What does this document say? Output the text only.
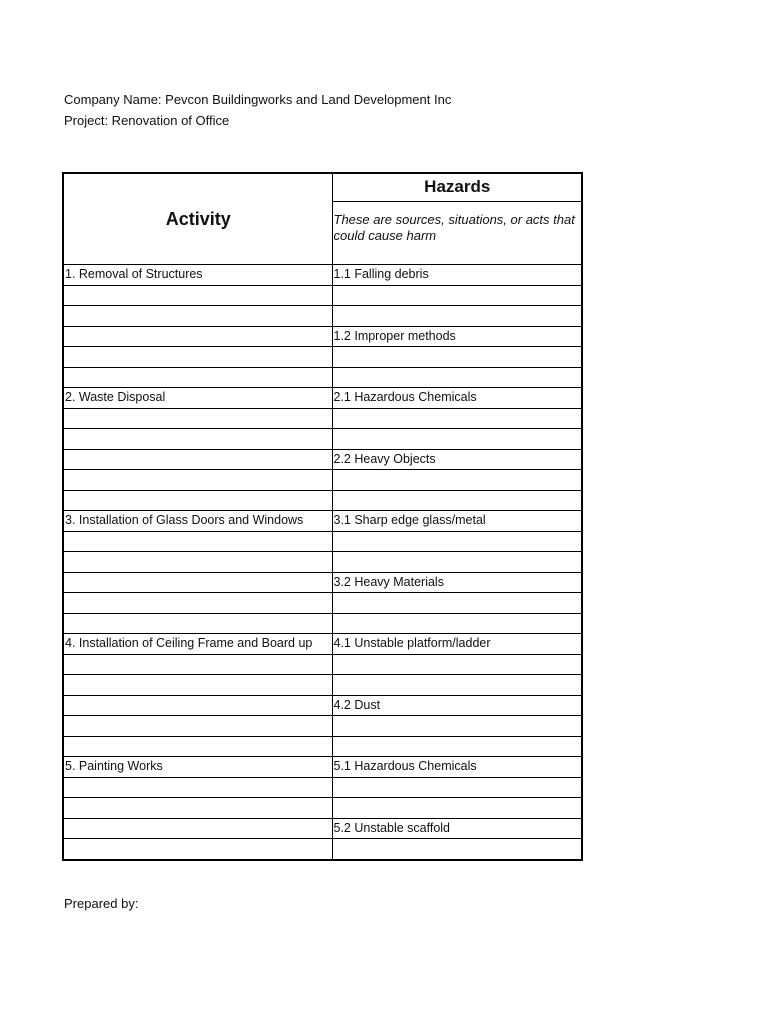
Company Name: Pevcon Buildingworks and Land Development Inc
Project: Renovation of Office
Activity	Hazards
	These are sources, situations, or acts that could cause harm
1. Removal of Structures	1.1 Falling debris

	1.2 Improper methods

2. Waste Disposal	2.1 Hazardous Chemicals

	2.2 Heavy Objects

3. Installation of Glass Doors and Windows	3.1 Sharp edge glass/metal

	3.2 Heavy Materials

4. Installation of Ceiling Frame and Board up	4.1 Unstable platform/ladder

	4.2 Dust

5. Painting Works	5.1 Hazardous Chemicals

	5.2 Unstable scaffold

Prepared by:
